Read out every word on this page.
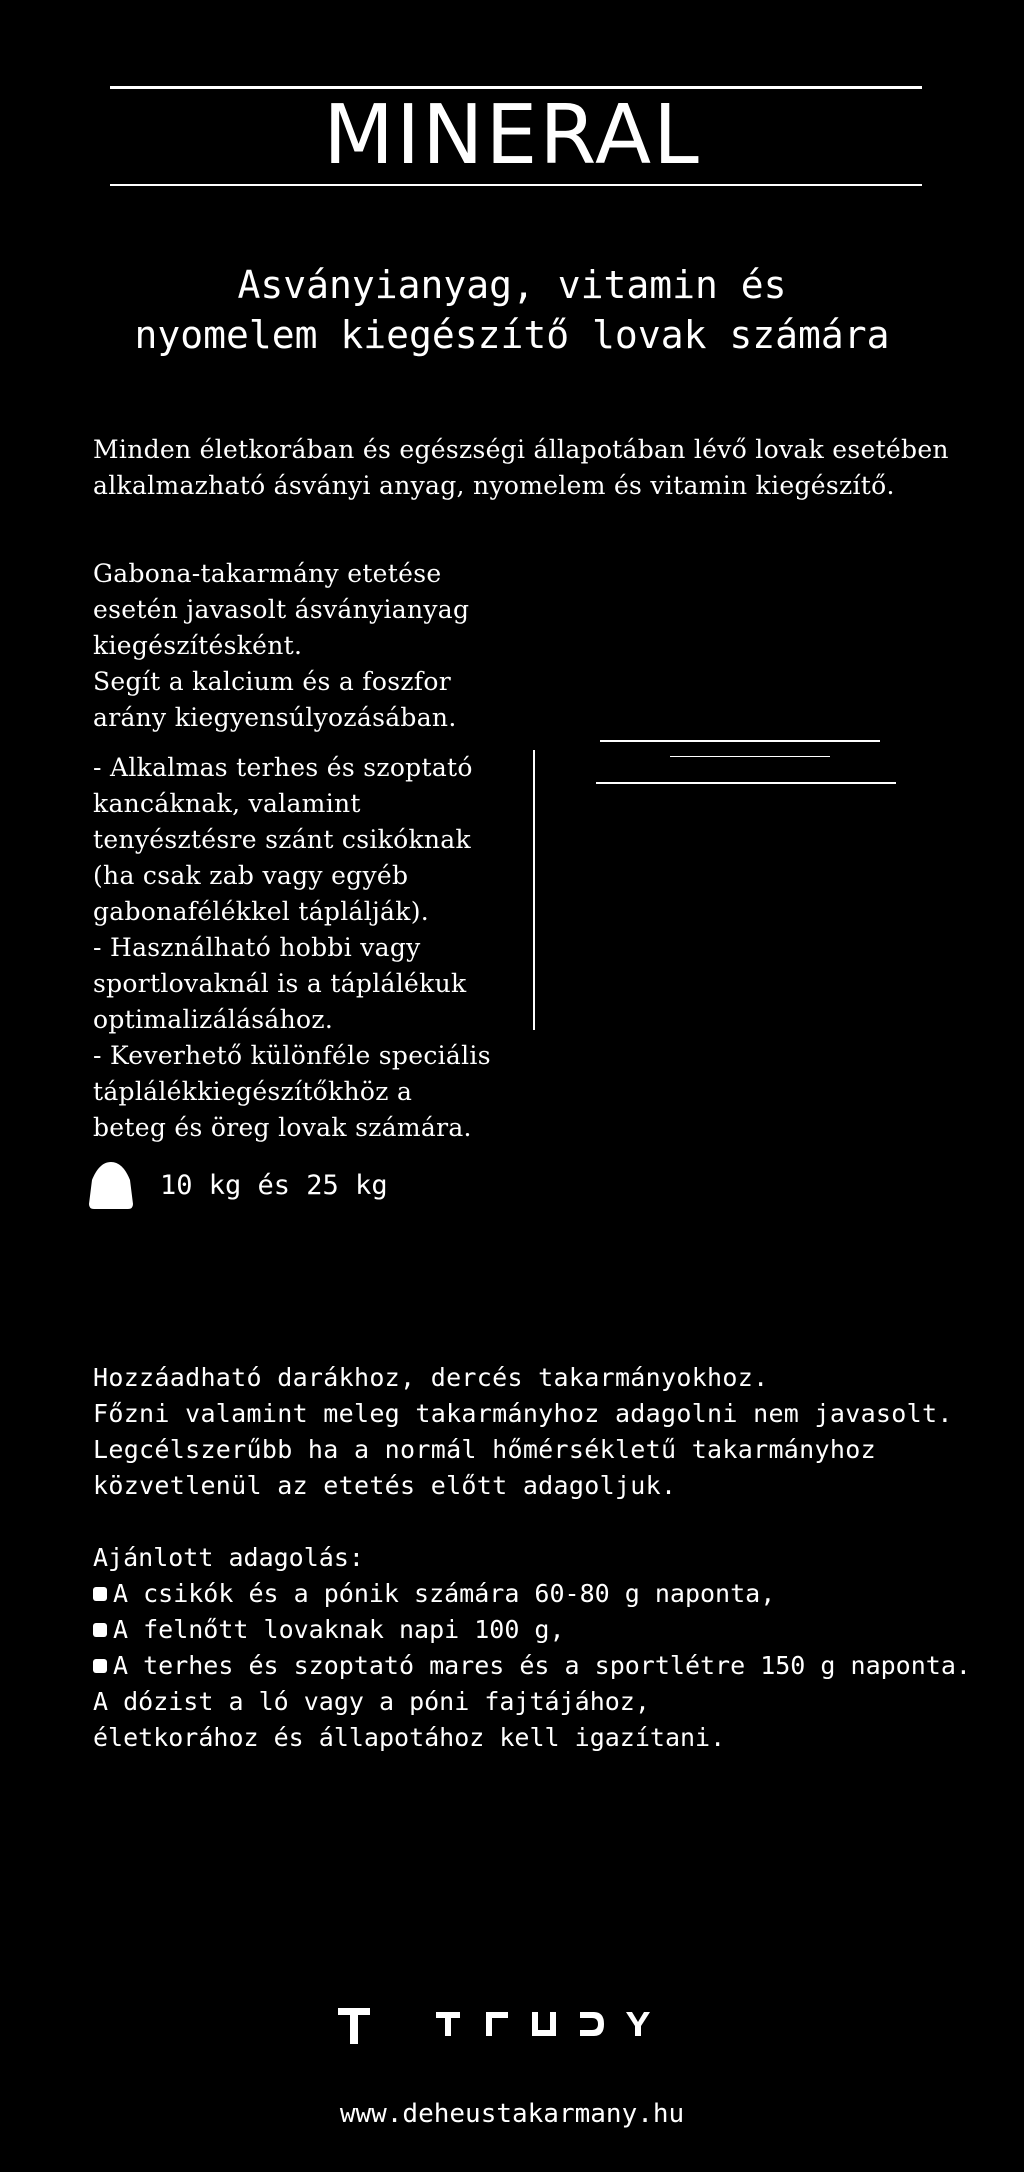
MINERAL
Asványianyag, vitamin és
nyomelem kiegészítő lovak számára
Minden életkorában és egészségi állapotában lévő lovak esetében
alkalmazható ásványi anyag, nyomelem és vitamin kiegészítő.
Gabona-takarmány etetése
esetén javasolt ásványianyag
kiegészítésként.
Segít a kalcium és a foszfor
arány kiegyensúlyozásában.
- Alkalmas terhes és szoptató
kancáknak, valamint
tenyésztésre szánt csikóknak
(ha csak zab vagy egyéb
gabonafélékkel táplálják).
- Használható hobbi vagy
sportlovaknál is a táplálékuk
optimalizálásához.
- Keverhető különféle speciális
táplálékkiegészítőkhöz a
beteg és öreg lovak számára.
10 kg és 25 kg
Hozzáadható darákhoz, dercés takarmányokhoz.
Főzni valamint meleg takarmányhoz adagolni nem javasolt.
Legcélszerűbb ha a normál hőmérsékletű takarmányhoz
közvetlenül az etetés előtt adagoljuk.
Ajánlott adagolás:
A csikók és a pónik számára 60-80 g naponta,
A felnőtt lovaknak napi 100 g,
A terhes és szoptató mares és a sportlétre 150 g naponta.
A dózist a ló vagy a póni fajtájához,
életkorához és állapotához kell igazítani.
www.deheustakarmany.hu
